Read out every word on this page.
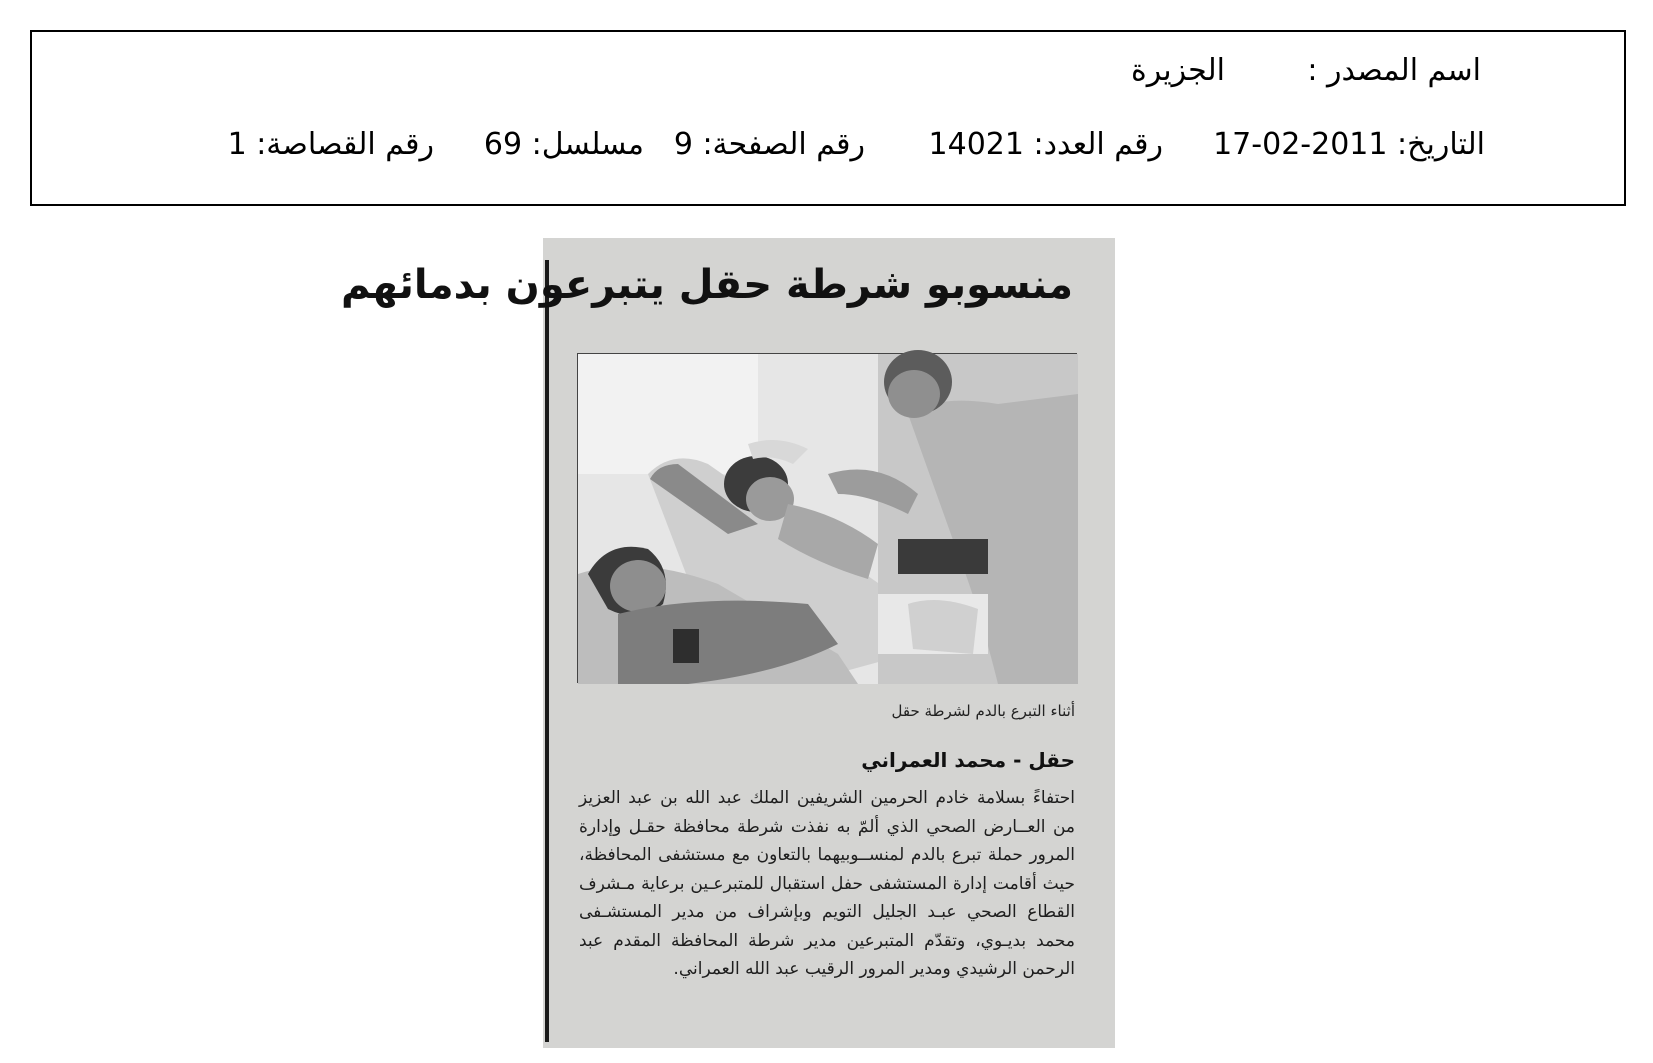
اسم المصدر :
الجزيرة
التاريخ: 2011-02-17
رقم العدد: 14021
رقم الصفحة: 9
مسلسل: 69
رقم القصاصة: 1
منسوبو شرطة حقل يتبرعون بدمائهم
أثناء التبرع بالدم لشرطة حقل
حقل - محمد العمراني
احتفاءً بسلامة خادم الحرمين الشريفين الملك عبد الله بن عبد العزيز من العــارض الصحي الذي ألمّ به نفذت شرطة محافظة حقـل وإدارة المرور حملة تبرع بالدم لمنســوبيهما بالتعاون مع مستشفى المحافظة، حيث أقامت إدارة المستشفى حفل استقبال للمتبرعـين برعاية مـشرف القطاع الصحي عبـد الجليل التويم وبإشراف من مدير المستشـفى محمد بديـوي، وتقدّم المتبرعين مدير شرطة المحافظة المقدم عبد الرحمن الرشيدي ومدير المرور الرقيب عبد الله العمراني.
